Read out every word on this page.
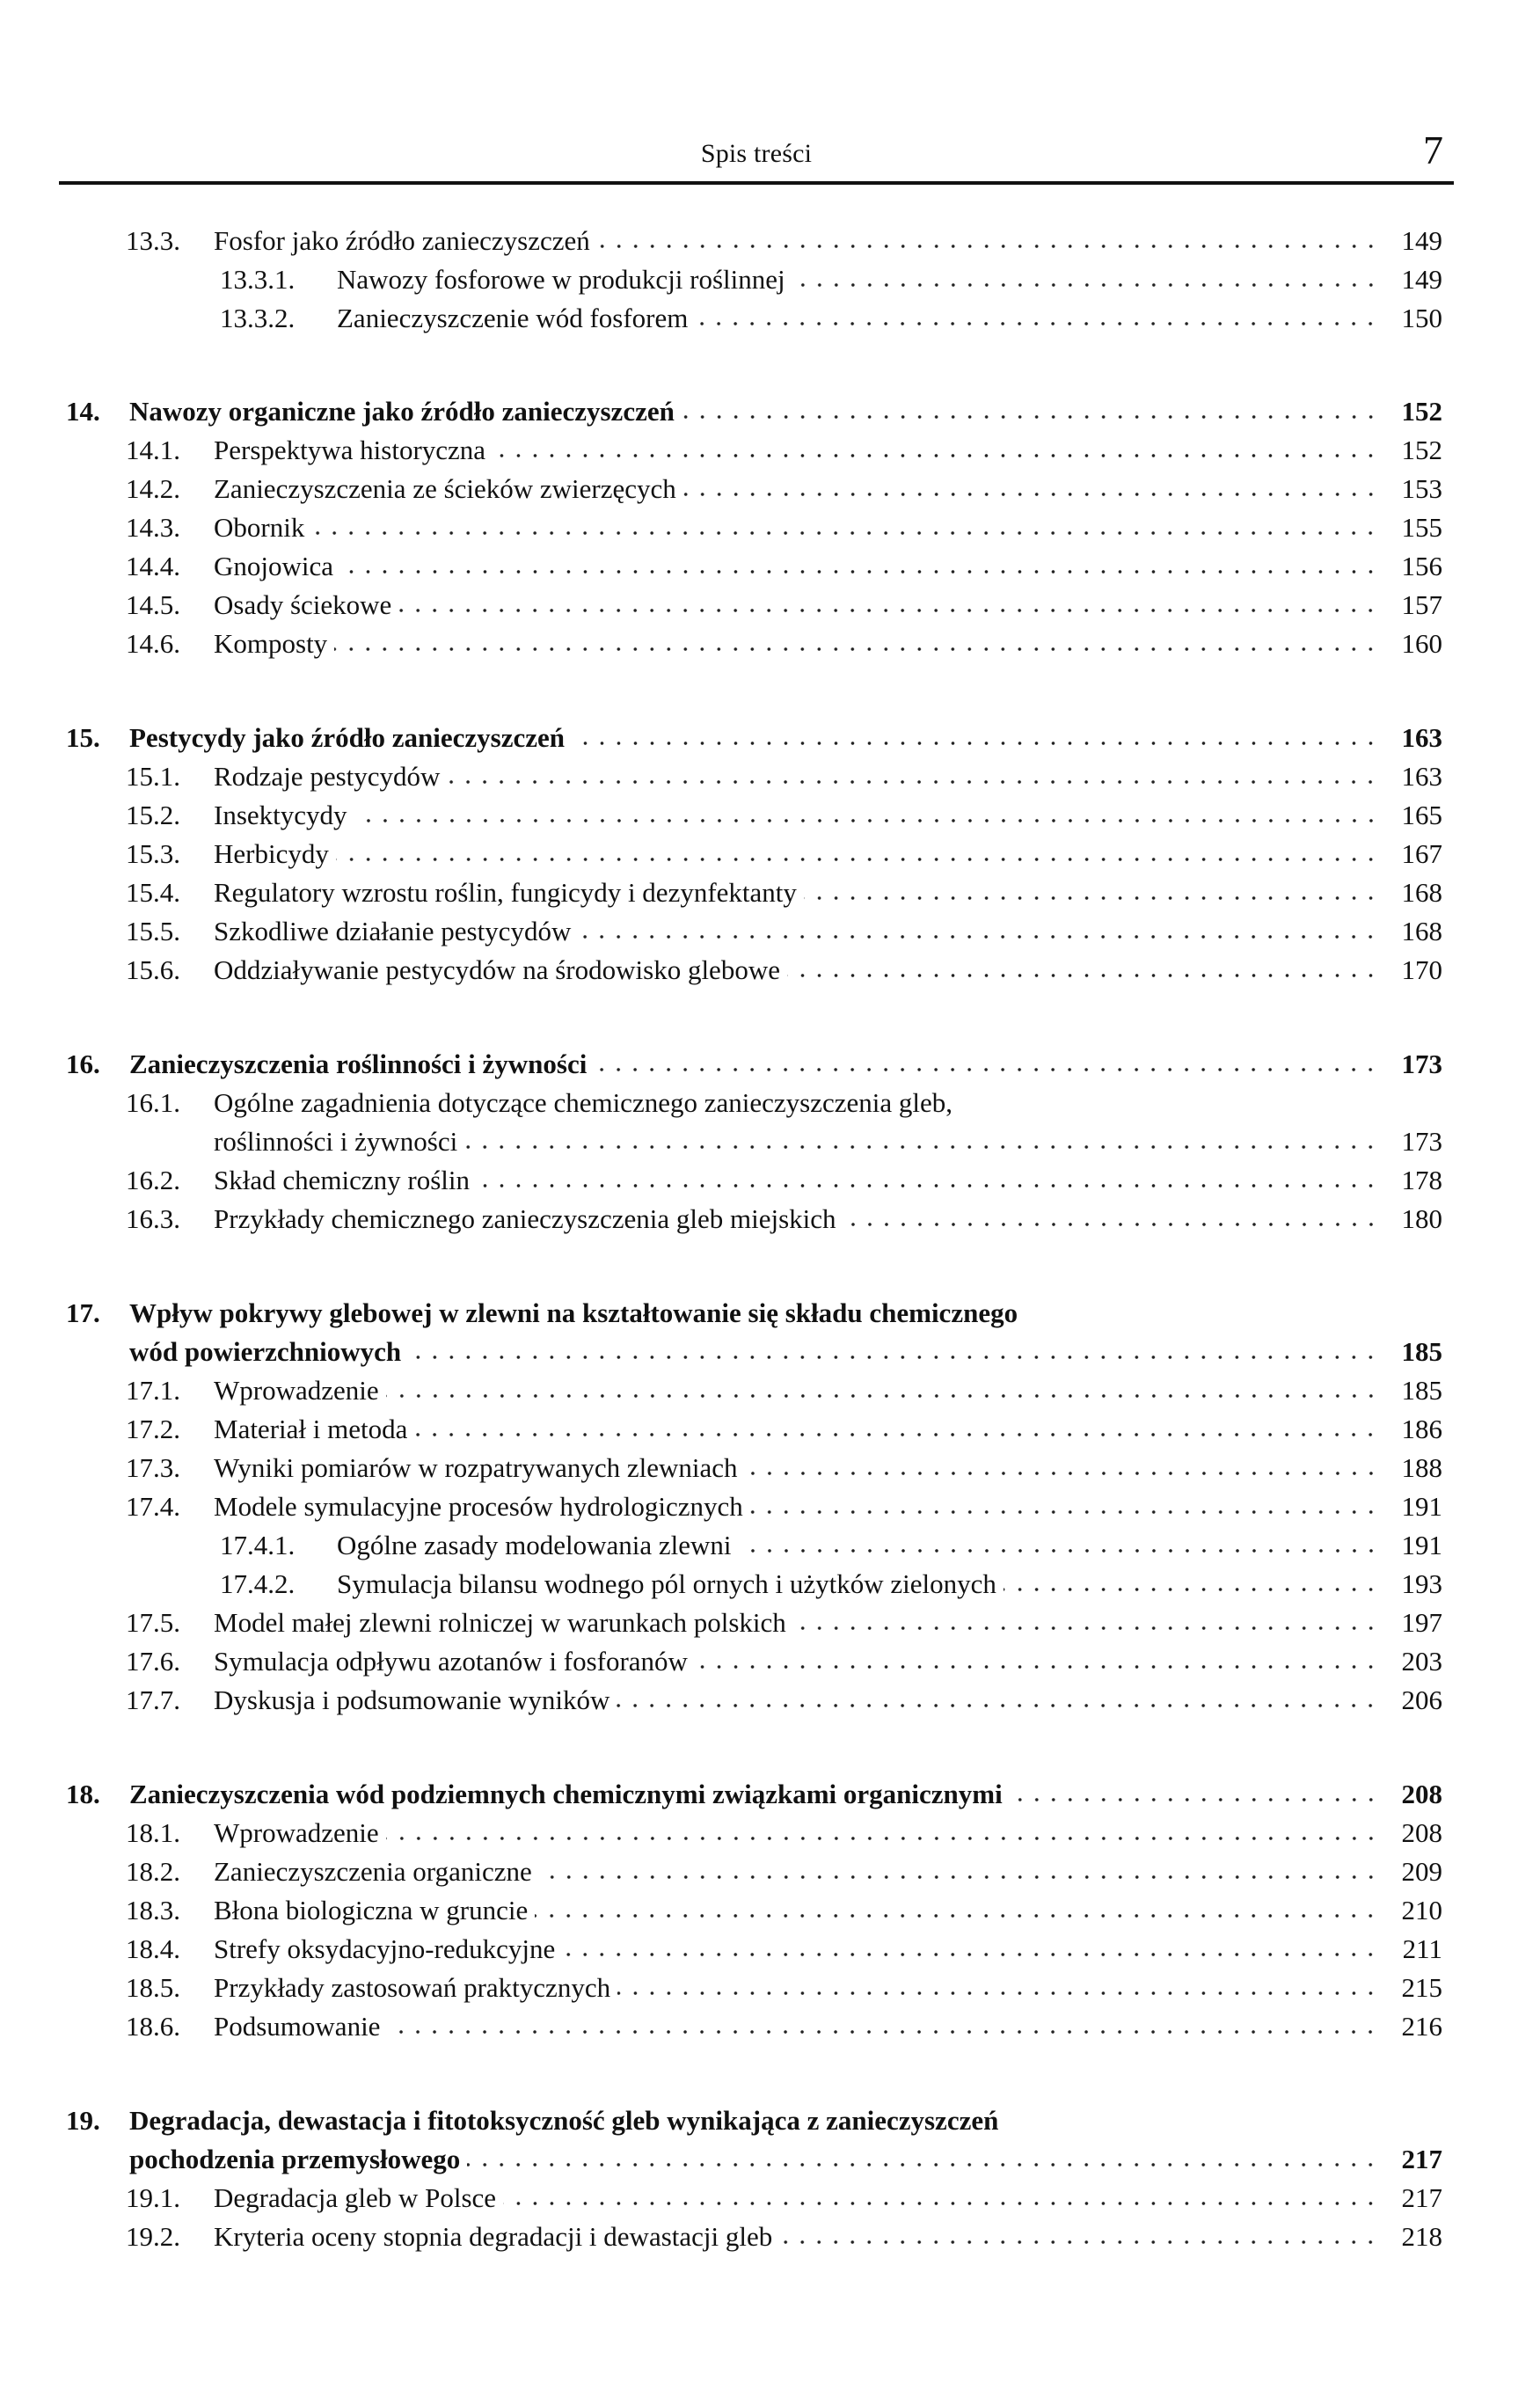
Spis treści	7
13.3.	Fosfor jako źródło zanieczyszczeń	149
13.3.1.	Nawozy fosforowe w produkcji roślinnej	149
13.3.2.	Zanieczyszczenie wód fosforem	150
14.	Nawozy organiczne jako źródło zanieczyszczeń	152
14.1.	Perspektywa historyczna	152
14.2.	Zanieczyszczenia ze ścieków zwierzęcych	153
14.3.	Obornik	155
14.4.	Gnojowica	156
14.5.	Osady ściekowe	157
14.6.	Komposty	160
15.	Pestycydy jako źródło zanieczyszczeń	163
15.1.	Rodzaje pestycydów	163
15.2.	Insektycydy	165
15.3.	Herbicydy	167
15.4.	Regulatory wzrostu roślin, fungicydy i dezynfektanty	168
15.5.	Szkodliwe działanie pestycydów	168
15.6.	Oddziaływanie pestycydów na środowisko glebowe	170
16.	Zanieczyszczenia roślinności i żywności	173
16.1.	Ogólne zagadnienia dotyczące chemicznego zanieczyszczenia gleb,
roślinności i żywności	173
16.2.	Skład chemiczny roślin	178
16.3.	Przykłady chemicznego zanieczyszczenia gleb miejskich	180
17.	Wpływ pokrywy glebowej w zlewni na kształtowanie się składu chemicznego
wód powierzchniowych	185
17.1.	Wprowadzenie	185
17.2.	Materiał i metoda	186
17.3.	Wyniki pomiarów w rozpatrywanych zlewniach	188
17.4.	Modele symulacyjne procesów hydrologicznych	191
17.4.1.	Ogólne zasady modelowania zlewni	191
17.4.2.	Symulacja bilansu wodnego pól ornych i użytków zielonych	193
17.5.	Model małej zlewni rolniczej w warunkach polskich	197
17.6.	Symulacja odpływu azotanów i fosforanów	203
17.7.	Dyskusja i podsumowanie wyników	206
18.	Zanieczyszczenia wód podziemnych chemicznymi związkami organicznymi	208
18.1.	Wprowadzenie	208
18.2.	Zanieczyszczenia organiczne	209
18.3.	Błona biologiczna w gruncie	210
18.4.	Strefy oksydacyjno-redukcyjne	211
18.5.	Przykłady zastosowań praktycznych	215
18.6.	Podsumowanie	216
19.	Degradacja, dewastacja i fitotoksyczność gleb wynikająca z zanieczyszczeń
pochodzenia przemysłowego	217
19.1.	Degradacja gleb w Polsce	217
19.2.	Kryteria oceny stopnia degradacji i dewastacji gleb	218
